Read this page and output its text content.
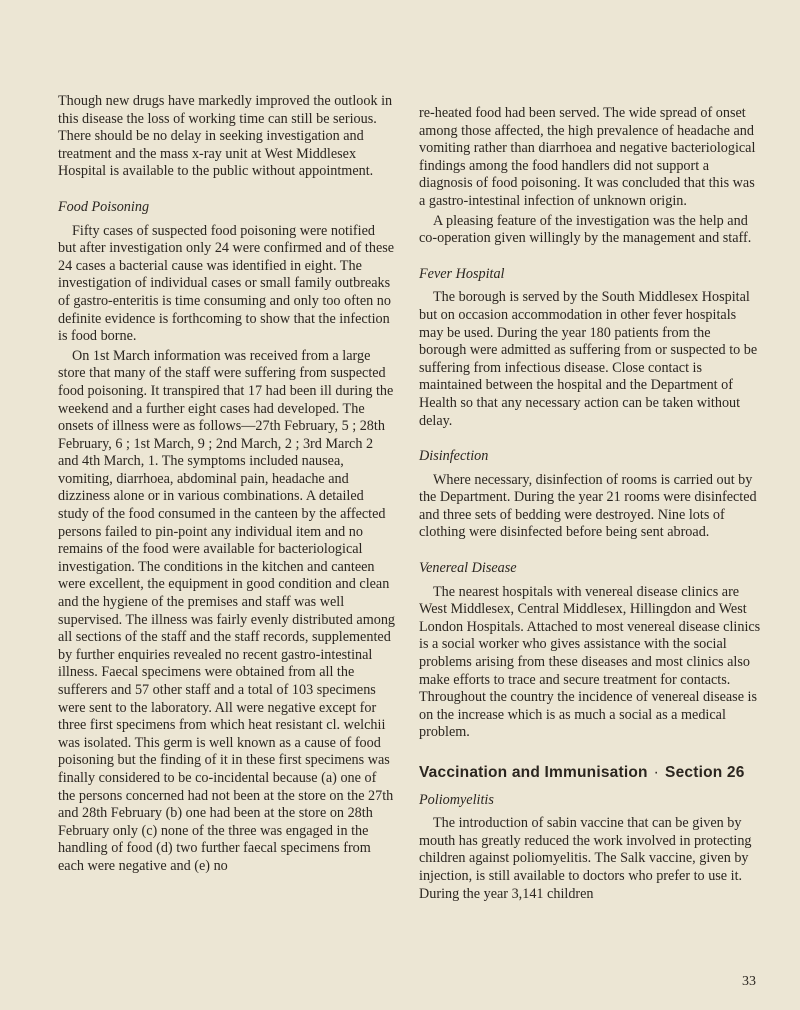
Though new drugs have markedly improved the outlook in this disease the loss of working time can still be serious. There should be no delay in seeking investigation and treatment and the mass x-ray unit at West Middlesex Hospital is available to the public without appointment.

Food Poisoning

Fifty cases of suspected food poisoning were notified but after investigation only 24 were confirmed and of these 24 cases a bacterial cause was identified in eight. The investigation of individual cases or small family outbreaks of gastro-enteritis is time consuming and only too often no definite evidence is forthcoming to show that the infection is food borne.

On 1st March information was received from a large store that many of the staff were suffering from suspected food poisoning. It transpired that 17 had been ill during the weekend and a further eight cases had developed. The onsets of illness were as follows—27th February, 5 ; 28th February, 6 ; 1st March, 9 ; 2nd March, 2 ; 3rd March 2 and 4th March, 1. The symptoms included nausea, vomiting, diarrhoea, abdominal pain, headache and dizziness alone or in various combinations. A detailed study of the food consumed in the canteen by the affected persons failed to pin-point any individual item and no remains of the food were available for bacteriological investigation. The conditions in the kitchen and canteen were excellent, the equipment in good condition and clean and the hygiene of the premises and staff was well supervised. The illness was fairly evenly distributed among all sections of the staff and the staff records, supplemented by further enquiries revealed no recent gastro-intestinal illness. Faecal specimens were obtained from all the sufferers and 57 other staff and a total of 103 specimens were sent to the laboratory. All were negative except for three first specimens from which heat resistant cl. welchii was isolated. This germ is well known as a cause of food poisoning but the finding of it in these first specimens was finally considered to be co-incidental because (a) one of the persons concerned had not been at the store on the 27th and 28th February (b) one had been at the store on 28th February only (c) none of the three was engaged in the handling of food (d) two further faecal specimens from each were negative and (e) no

re-heated food had been served. The wide spread of onset among those affected, the high prevalence of headache and vomiting rather than diarrhoea and negative bacteriological findings among the food handlers did not support a diagnosis of food poisoning. It was concluded that this was a gastro-intestinal infection of unknown origin.

A pleasing feature of the investigation was the help and co-operation given willingly by the management and staff.

Fever Hospital

The borough is served by the South Middlesex Hospital but on occasion accommodation in other fever hospitals may be used. During the year 180 patients from the borough were admitted as suffering from or suspected to be suffering from infectious disease. Close contact is maintained between the hospital and the Department of Health so that any necessary action can be taken without delay.

Disinfection

Where necessary, disinfection of rooms is carried out by the Department. During the year 21 rooms were disinfected and three sets of bedding were destroyed. Nine lots of clothing were disinfected before being sent abroad.

Venereal Disease

The nearest hospitals with venereal disease clinics are West Middlesex, Central Middlesex, Hillingdon and West London Hospitals. Attached to most venereal disease clinics is a social worker who gives assistance with the social problems arising from these diseases and most clinics also make efforts to trace and secure treatment for contacts. Throughout the country the incidence of venereal disease is on the increase which is as much a social as a medical problem.

Vaccination and Immunisation · Section 26

Poliomyelitis

The introduction of sabin vaccine that can be given by mouth has greatly reduced the work involved in protecting children against poliomyelitis. The Salk vaccine, given by injection, is still available to doctors who prefer to use it. During the year 3,141 children

33
